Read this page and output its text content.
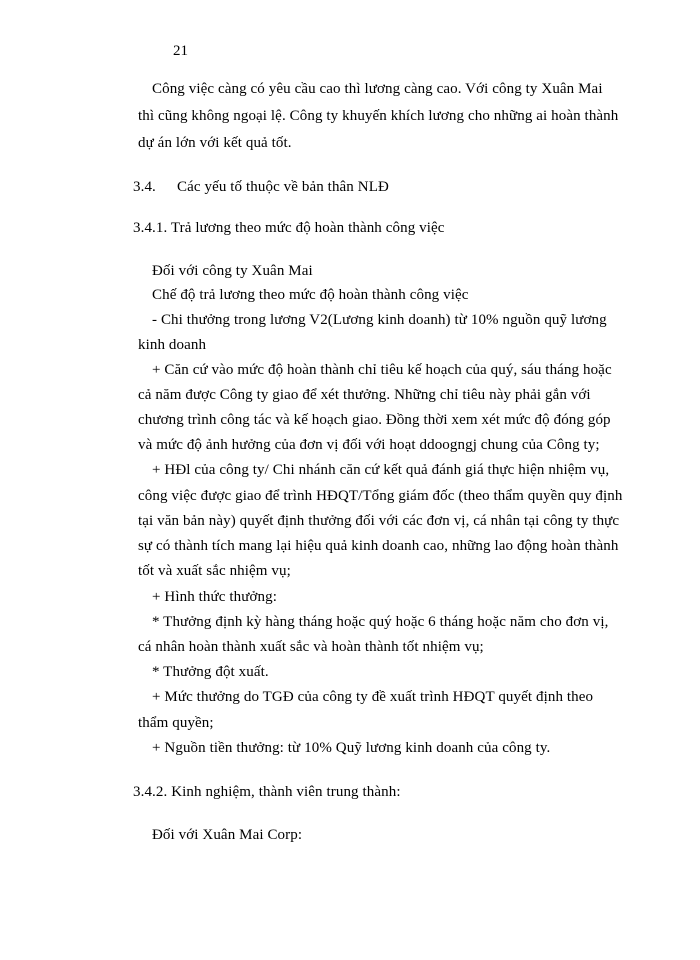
21
Công việc càng có yêu cầu cao thì lương càng cao. Với công ty Xuân Mai
thì cũng không ngoại lệ. Công ty khuyến khích lương cho những ai hoàn thành
dự án lớn với kết quả tốt.
3.4. Các yếu tố thuộc về bản thân NLĐ
3.4.1. Trả lương theo mức độ hoàn thành công việc
Đối với công ty Xuân Mai
Chế độ trả lương theo mức độ hoàn thành công việc
- Chi thưởng trong lương V2(Lương kinh doanh) từ 10% nguồn quỹ lương
kinh doanh
+ Căn cứ vào mức độ hoàn thành chỉ tiêu kế hoạch của quý, sáu tháng hoặc
cả năm được Công ty giao để xét thưởng. Những chỉ tiêu này phải gắn với
chương trình công tác và kế hoạch giao. Đồng thời xem xét mức độ đóng góp
và mức độ ảnh hưởng của đơn vị đối với hoạt ddoogngj chung của Công ty;
+ HĐl của công ty/ Chi nhánh căn cứ kết quả đánh giá thực hiện nhiệm vụ,
công việc được giao để trình HĐQT/Tổng giám đốc (theo thẩm quyền quy định
tại văn bản này) quyết định thưởng đối với các đơn vị, cá nhân tại công ty thực
sự có thành tích mang lại hiệu quả kinh doanh cao, những lao động hoàn thành
tốt và xuất sắc nhiệm vụ;
+ Hình thức thưởng:
* Thưởng định kỳ hàng tháng hoặc quý hoặc 6 tháng hoặc năm cho đơn vị,
cá nhân hoàn thành xuất sắc và hoàn thành tốt nhiệm vụ;
* Thưởng đột xuất.
+ Mức thưởng do TGĐ của công ty đề xuất trình HĐQT quyết định theo
thẩm quyền;
+ Nguồn tiền thưởng: từ 10% Quỹ lương kinh doanh của công ty.
3.4.2. Kinh nghiệm, thành viên trung thành:
Đối với Xuân Mai Corp:
